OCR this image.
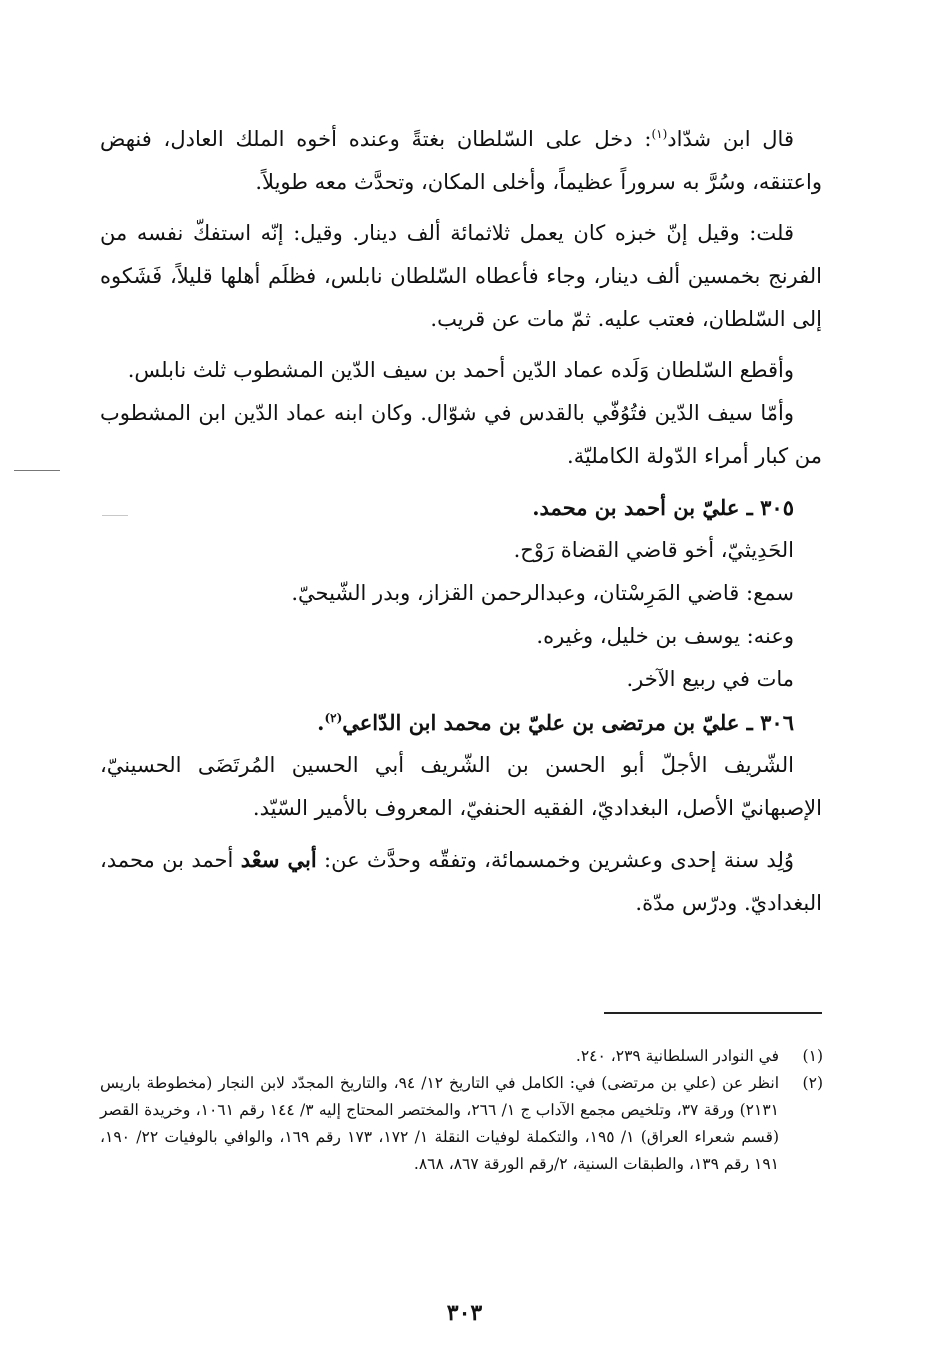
قال ابن شدّاد$^{(١)}$: دخل على السّلطان بغتةً وعنده أخوه الملك العادل، فنهض واعتنقه، وسُرَّ به سروراً عظيماً، وأخلى المكان، وتحدَّث معه طويلاً.

قلت: وقيل إنّ خبزه كان يعمل ثلاثمائة ألف دينار. وقيل: إنّه استفكّ نفسه من الفرنج بخمسين ألف دينار، وجاء فأعطاه السّلطان نابلس، فظلَم أهلها قليلاً، فَشَكوه إلى السّلطان، فعتب عليه. ثمّ مات عن قريب.

وأقطع السّلطان وَلَده عماد الدّين أحمد بن سيف الدّين المشطوب ثلث نابلس.

وأمّا سيف الدّين فتُوُفّي بالقدس في شوّال. وكان ابنه عماد الدّين ابن المشطوب من كبار أمراء الدّولة الكامليّة.

٣٠٥ ـ عليّ بن أحمد بن محمد.

الحَدِيثيّ، أخو قاضي القضاة رَوْح.

سمع: قاضي المَرِسْتان، وعبدالرحمن القزاز، وبدر الشّيحيّ.

وعنه: يوسف بن خليل، وغيره.

مات في ربيع الآخر.

٣٠٦ ـ عليّ بن مرتضى بن عليّ بن محمد ابن الدّاعي$^{(٢)}$.

الشّريف الأجلّ أبو الحسن بن الشّريف أبي الحسين المُرتَضَى الحسينيّ، الإصبهانيّ الأصل، البغداديّ، الفقيه الحنفيّ، المعروف بالأمير السّيّد.

وُلِد سنة إحدى وعشرين وخمسمائة، وتفقّه وحدَّث عن: أبي سعْد أحمد بن محمد، البغداديّ. ودرّس مدّة.

(١)
في النوادر السلطانية ٢٣٩، ٢٤٠.
(٢)
انظر عن (علي بن مرتضى) في: الكامل في التاريخ ١٢/ ٩٤، والتاريخ المجدّد لابن النجار (مخطوطة باريس ٢١٣١) ورقة ٣٧، وتلخيص مجمع الآداب ج ١/ ٢٦٦، والمختصر المحتاج إليه ٣/ ١٤٤ رقم ١٠٦١، وخريدة القصر (قسم شعراء العراق) ١/ ١٩٥، والتكملة لوفيات النقلة ١/ ١٧٢، ١٧٣ رقم ١٦٩، والوافي بالوفيات ٢٢/ ١٩٠، ١٩١ رقم ١٣٩، والطبقات السنية، ٢/رقم الورقة ٨٦٧، ٨٦٨.
٣٠٣
